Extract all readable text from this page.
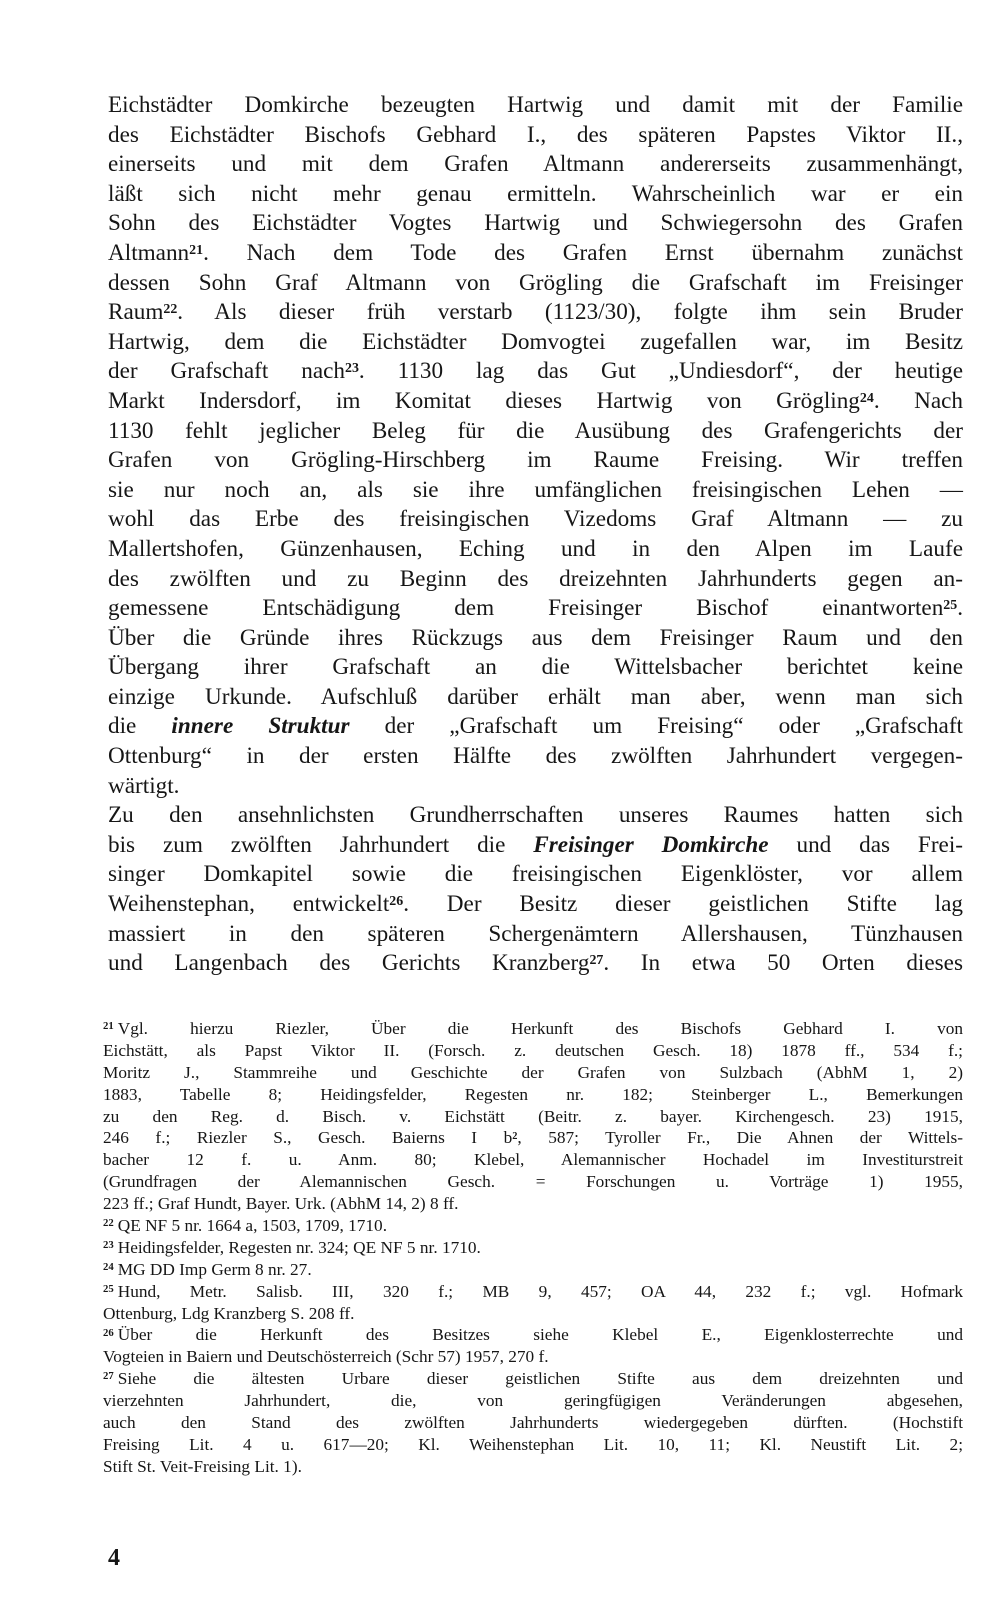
Eichstädter Domkirche bezeugten Hartwig und damit mit der Familie
des Eichstädter Bischofs Gebhard I., des späteren Papstes Viktor II.,
einerseits und mit dem Grafen Altmann andererseits zusammenhängt,
läßt sich nicht mehr genau ermitteln. Wahrscheinlich war er ein
Sohn des Eichstädter Vogtes Hartwig und Schwiegersohn des Grafen
Altmann$^{21}$. Nach dem Tode des Grafen Ernst übernahm zunächst
dessen Sohn Graf Altmann von Grögling die Grafschaft im Freisinger
Raum$^{22}$. Als dieser früh verstarb (1123/30), folgte ihm sein Bruder
Hartwig, dem die Eichstädter Domvogtei zugefallen war, im Besitz
der Grafschaft nach$^{23}$. 1130 lag das Gut „Undiesdorf“, der heutige
Markt Indersdorf, im Komitat dieses Hartwig von Grögling$^{24}$. Nach
1130 fehlt jeglicher Beleg für die Ausübung des Grafengerichts der
Grafen von Grögling-Hirschberg im Raume Freising. Wir treffen
sie nur noch an, als sie ihre umfänglichen freisingischen Lehen —
wohl das Erbe des freisingischen Vizedoms Graf Altmann — zu
Mallertshofen, Günzenhausen, Eching und in den Alpen im Laufe
des zwölften und zu Beginn des dreizehnten Jahrhunderts gegen an-
gemessene Entschädigung dem Freisinger Bischof einantworten$^{25}$.
Über die Gründe ihres Rückzugs aus dem Freisinger Raum und den
Übergang ihrer Grafschaft an die Wittelsbacher berichtet keine
einzige Urkunde. Aufschluß darüber erhält man aber, wenn man sich
die innere Struktur der „Grafschaft um Freising“ oder „Grafschaft
Ottenburg“ in der ersten Hälfte des zwölften Jahrhundert vergegen-
wärtigt.
Zu den ansehnlichsten Grundherrschaften unseres Raumes hatten sich
bis zum zwölften Jahrhundert die Freisinger Domkirche und das Frei-
singer Domkapitel sowie die freisingischen Eigenklöster, vor allem
Weihenstephan, entwickelt$^{26}$. Der Besitz dieser geistlichen Stifte lag
massiert in den späteren Schergenämtern Allershausen, Tünzhausen
und Langenbach des Gerichts Kranzberg$^{27}$. In etwa 50 Orten dieses
$^{21}$ Vgl. hierzu Riezler, Über die Herkunft des Bischofs Gebhard I. von
Eichstätt, als Papst Viktor II. (Forsch. z. deutschen Gesch. 18) 1878 ff., 534 f.;
Moritz J., Stammreihe und Geschichte der Grafen von Sulzbach (AbhM 1, 2)
1883, Tabelle 8; Heidingsfelder, Regesten nr. 182; Steinberger L., Bemerkungen
zu den Reg. d. Bisch. v. Eichstätt (Beitr. z. bayer. Kirchengesch. 23) 1915,
246 f.; Riezler S., Gesch. Baierns I $b^2$, 587; Tyroller Fr., Die Ahnen der Wittels-
bacher 12 f. u. Anm. 80; Klebel, Alemannischer Hochadel im Investiturstreit
(Grundfragen der Alemannischen Gesch. = Forschungen u. Vorträge 1) 1955,
223 ff.; Graf Hundt, Bayer. Urk. (AbhM 14, 2) 8 ff.
$^{22}$ QE NF 5 nr. 1664 a, 1503, 1709, 1710.
$^{23}$ Heidingsfelder, Regesten nr. 324; QE NF 5 nr. 1710.
$^{24}$ MG DD Imp Germ 8 nr. 27.
$^{25}$ Hund, Metr. Salisb. III, 320 f.; MB 9, 457; OA 44, 232 f.; vgl. Hofmark
Ottenburg, Ldg Kranzberg S. 208 ff.
$^{26}$ Über die Herkunft des Besitzes siehe Klebel E., Eigenklosterrechte und
Vogteien in Baiern und Deutschösterreich (Schr 57) 1957, 270 f.
$^{27}$ Siehe die ältesten Urbare dieser geistlichen Stifte aus dem dreizehnten und
vierzehnten Jahrhundert, die, von geringfügigen Veränderungen abgesehen,
auch den Stand des zwölften Jahrhunderts wiedergegeben dürften. (Hochstift
Freising Lit. 4 u. 617—20; Kl. Weihenstephan Lit. 10, 11; Kl. Neustift Lit. 2;
Stift St. Veit-Freising Lit. 1).
4
